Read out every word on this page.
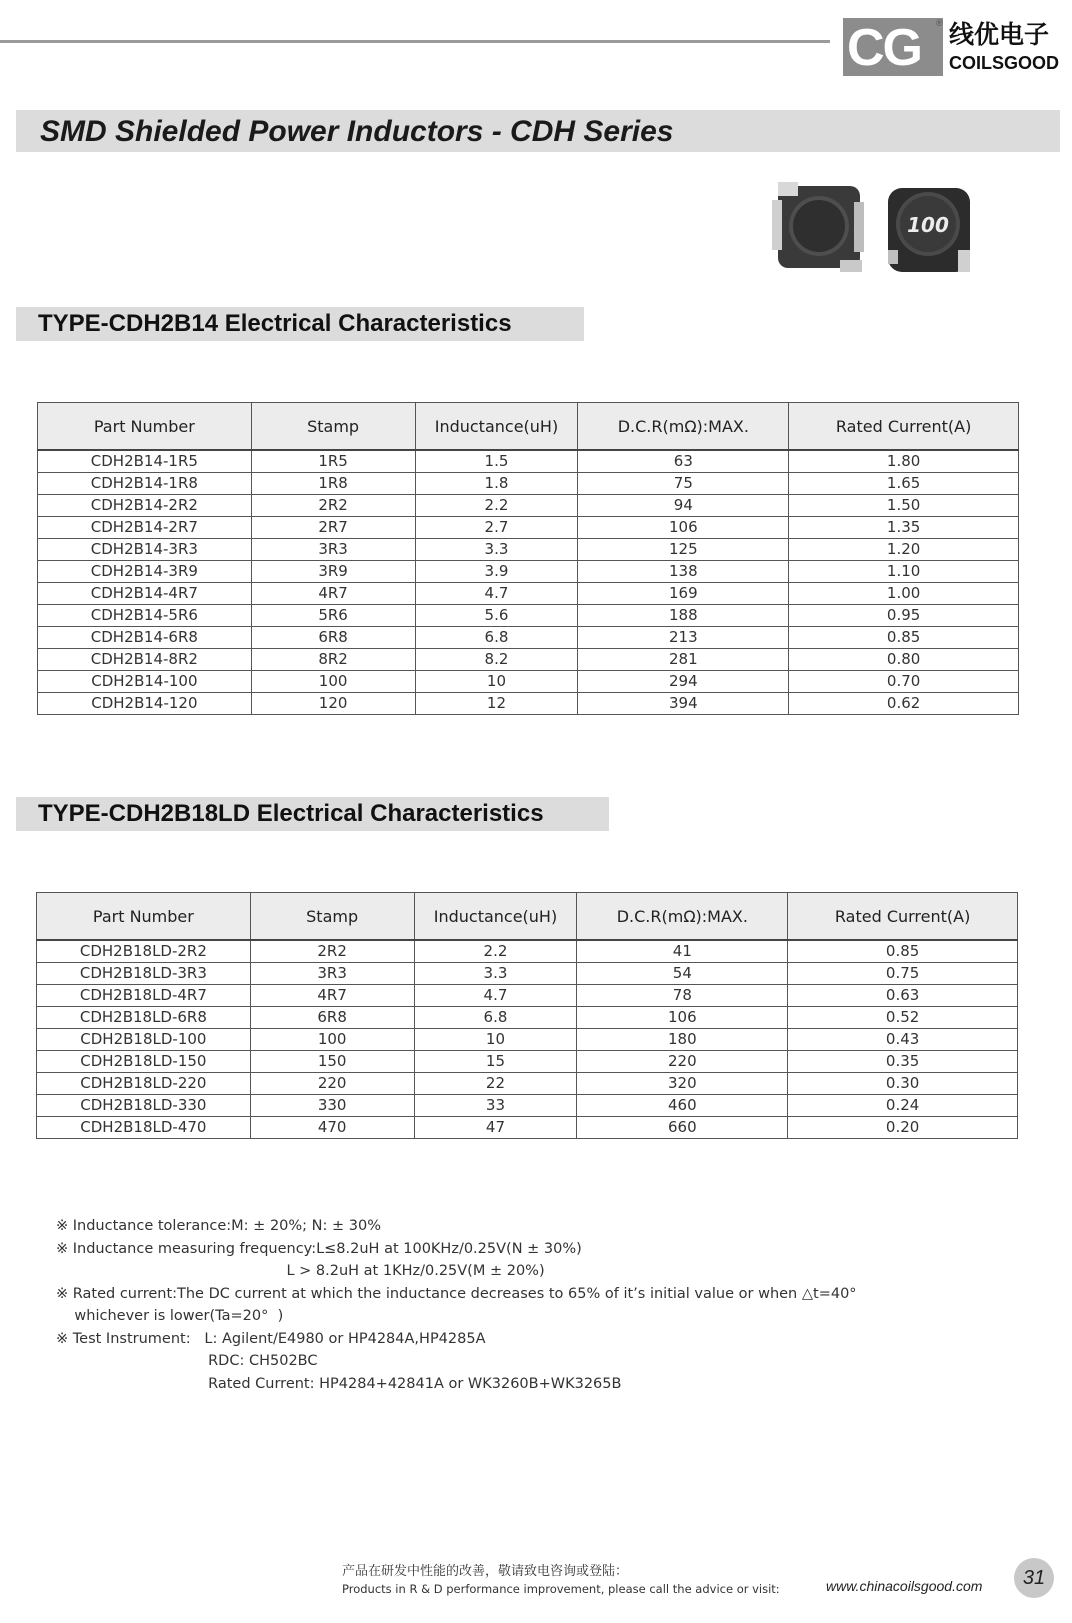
CG ® 线优电子
COILSGOOD
SMD Shielded Power Inductors - CDH Series
100
TYPE-CDH2B14 Electrical Characteristics
Part Number	Stamp	Inductance(uH)	D.C.R(mΩ):MAX.	Rated Current(A)
CDH2B14-1R5	1R5	1.5	63	1.80
CDH2B14-1R8	1R8	1.8	75	1.65
CDH2B14-2R2	2R2	2.2	94	1.50
CDH2B14-2R7	2R7	2.7	106	1.35
CDH2B14-3R3	3R3	3.3	125	1.20
CDH2B14-3R9	3R9	3.9	138	1.10
CDH2B14-4R7	4R7	4.7	169	1.00
CDH2B14-5R6	5R6	5.6	188	0.95
CDH2B14-6R8	6R8	6.8	213	0.85
CDH2B14-8R2	8R2	8.2	281	0.80
CDH2B14-100	100	10	294	0.70
CDH2B14-120	120	12	394	0.62
TYPE-CDH2B18LD Electrical Characteristics
Part Number	Stamp	Inductance(uH)	D.C.R(mΩ):MAX.	Rated Current(A)
CDH2B18LD-2R2	2R2	2.2	41	0.85
CDH2B18LD-3R3	3R3	3.3	54	0.75
CDH2B18LD-4R7	4R7	4.7	78	0.63
CDH2B18LD-6R8	6R8	6.8	106	0.52
CDH2B18LD-100	100	10	180	0.43
CDH2B18LD-150	150	15	220	0.35
CDH2B18LD-220	220	22	320	0.30
CDH2B18LD-330	330	33	460	0.24
CDH2B18LD-470	470	47	660	0.20
※ Inductance tolerance:M: ± 20%; N: ± 30%
※ Inductance measuring frequency:L≤8.2uH at 100KHz/0.25V(N ± 30%)
L > 8.2uH at 1KHz/0.25V(M ± 20%)
※ Rated current:The DC current at which the inductance decreases to 65% of it’s initial value or when △t=40°
whichever is lower(Ta=20°  )
※ Test Instrument:   L: Agilent/E4980 or HP4284A,HP4285A
RDC: CH502BC
Rated Current: HP4284+42841A or WK3260B+WK3265B
产品在研发中性能的改善，敬请致电咨询或登陆：
Products in R & D performance improvement, please call the advice or visit:	www.chinacoilsgood.com	31
